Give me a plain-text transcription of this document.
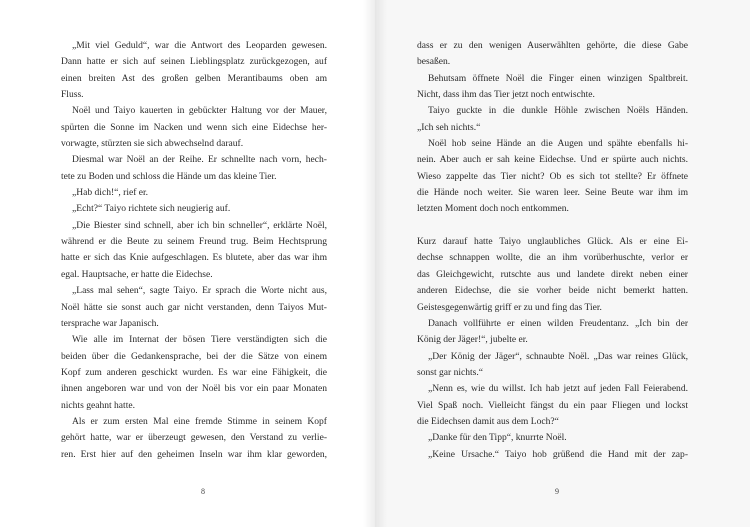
„Mit viel Geduld“, war die Antwort des Leoparden gewesen.
Dann hatte er sich auf seinen Lieblingsplatz zurückgezogen, auf
einen breiten Ast des großen gelben Merantibaums oben am
Fluss.
Noël und Taiyo kauerten in gebückter Haltung vor der Mauer,
spürten die Sonne im Nacken und wenn sich eine Eidechse her-
vorwagte, stürzten sie sich abwechselnd darauf.
Diesmal war Noël an der Reihe. Er schnellte nach vorn, hech-
tete zu Boden und schloss die Hände um das kleine Tier.
„Hab dich!“, rief er.
„Echt?“ Taiyo richtete sich neugierig auf.
„Die Biester sind schnell, aber ich bin schneller“, erklärte Noël,
während er die Beute zu seinem Freund trug. Beim Hechtsprung
hatte er sich das Knie aufgeschlagen. Es blutete, aber das war ihm
egal. Hauptsache, er hatte die Eidechse.
„Lass mal sehen“, sagte Taiyo. Er sprach die Worte nicht aus,
Noël hätte sie sonst auch gar nicht verstanden, denn Taiyos Mut-
tersprache war Japanisch.
Wie alle im Internat der bösen Tiere verständigten sich die
beiden über die Gedankensprache, bei der die Sätze von einem
Kopf zum anderen geschickt wurden. Es war eine Fähigkeit, die
ihnen angeboren war und von der Noël bis vor ein paar Monaten
nichts geahnt hatte.
Als er zum ersten Mal eine fremde Stimme in seinem Kopf
gehört hatte, war er überzeugt gewesen, den Verstand zu verlie-
ren. Erst hier auf den geheimen Inseln war ihm klar geworden,
8
dass er zu den wenigen Auserwählten gehörte, die diese Gabe
besaßen.
Behutsam öffnete Noël die Finger einen winzigen Spaltbreit.
Nicht, dass ihm das Tier jetzt noch entwischte.
Taiyo guckte in die dunkle Höhle zwischen Noëls Händen.
„Ich seh nichts.“
Noël hob seine Hände an die Augen und spähte ebenfalls hi-
nein. Aber auch er sah keine Eidechse. Und er spürte auch nichts.
Wieso zappelte das Tier nicht? Ob es sich tot stellte? Er öffnete
die Hände noch weiter. Sie waren leer. Seine Beute war ihm im
letzten Moment doch noch entkommen.
Kurz darauf hatte Taiyo unglaubliches Glück. Als er eine Ei-
dechse schnappen wollte, die an ihm vorüberhuschte, verlor er
das Gleichgewicht, rutschte aus und landete direkt neben einer
anderen Eidechse, die sie vorher beide nicht bemerkt hatten.
Geistesgegenwärtig griff er zu und fing das Tier.
Danach vollführte er einen wilden Freudentanz. „Ich bin der
König der Jäger!“, jubelte er.
„Der König der Jäger“, schnaubte Noël. „Das war reines Glück,
sonst gar nichts.“
„Nenn es, wie du willst. Ich hab jetzt auf jeden Fall Feierabend.
Viel Spaß noch. Vielleicht fängst du ein paar Fliegen und lockst
die Eidechsen damit aus dem Loch?“
„Danke für den Tipp“, knurrte Noël.
„Keine Ursache.“ Taiyo hob grüßend die Hand mit der zap-
9
